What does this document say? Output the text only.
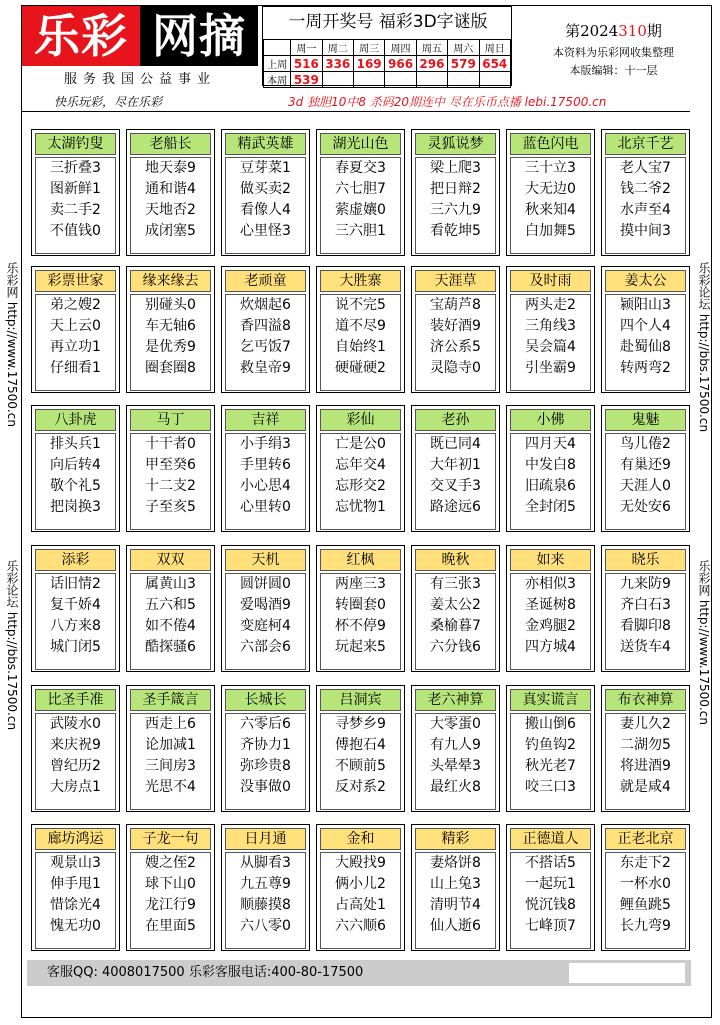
乐彩 网摘
服务我国公益事业
一周开奖号 福彩3D字谜版
	周一	周二	周三	周四	周五	周六	周日
上周	516	336	169	966	296	579	654
本周	539						
第2024310期
本资料为乐彩网收集整理
本版编辑：十一层
快乐玩彩，尽在乐彩	3d 独胆10中8 杀码20期连中 尽在乐币点播 lebi.17500.cn
乐彩网 http://www.17500.cn
乐彩论坛 http://bbs.17500.cn
乐彩论坛 http://bbs.17500.cn
乐彩网 http://www.17500.cn
太湖钓叟
三折叠3
图新鲜1
卖二手2
不值钱0
老船长
地天泰9
通和谐4
天地否2
成闭塞5
精武英雄
豆芽菜1
做买卖2
看像人4
心里怪3
湖光山色
春夏交3
六七胆7
萦虚孃0
三六胆1
灵狐说梦
梁上爬3
把日辩2
三六九9
看乾坤5
蓝色闪电
三十立3
大无边0
秋来知4
白加舞5
北京千艺
老人宝7
钱二爷2
水声至4
摸中间3
彩票世家
弟之嫂2
天上云0
再立功1
仔细看1
缘来缘去
别碰头0
车无轴6
是优秀9
圈套圈8
老顽童
炊烟起6
香四溢8
乞丐饭7
救皇帝9
大胜寨
说不完5
道不尽9
自始终1
硬碰硬2
天涯草
宝葫芦8
装好酒9
济公系5
灵隐寺0
及时雨
两头走2
三角线3
吴会篇4
引坐霸9
姜太公
颍阳山3
四个人4
赴蜀仙8
转两弯2
八卦虎
排头兵1
向后转4
敬个礼5
把岗换3
马丁
十干者0
甲至癸6
十二支2
子至亥5
吉祥
小手绢3
手里转6
小心思4
心里转0
彩仙
亡是公0
忘年交4
忘形交2
忘忧物1
老孙
既已同4
大年初1
交叉手3
路途远6
小佛
四月天4
中发白8
旧疏泉6
全封闭5
鬼魅
鸟儿倦2
有巢还9
天涯人0
无处安6
添彩
话旧情2
复千娇4
八方来8
城门闭5
双双
属黄山3
五六和5
如不倦4
酷探骚6
天机
圆饼圆0
爱喝酒9
变庭柯4
六部会6
红枫
两座三3
转圈套0
杯不停9
玩起来5
晚秋
有三张3
姜太公2
桑榆暮7
六分钱6
如来
亦相似3
圣诞树8
金鸡腿2
四方城4
晓乐
九来防9
齐白石3
看脚印8
送货车4
比圣手准
武陵水0
来庆祝9
曾纪历2
大房点1
圣手箴言
西走上6
论加减1
三间房3
光思不4
长城长
六零后6
齐协力1
弥珍贵8
没事做0
吕洞宾
寻梦乡9
傅抱石4
不顾前5
反对系2
老六神算
大零蛋0
有九人9
头晕晕3
最红火8
真实谎言
搬山倒6
钓鱼钩2
秋光老7
咬三口3
布衣神算
妻儿久2
二湖勿5
将进酒9
就是咸4
廊坊鸿运
观景山3
伸手甩1
惜馀光4
愧无功0
子龙一句
嫂之侄2
球下山0
龙江行9
在里面5
日月通
从脚看3
九五尊9
顺藤摸8
六八零0
金和
大殿找9
俩小儿2
占高处1
六六顺6
精彩
妻烙饼8
山上兔3
清明节4
仙人逝6
正德道人
不搭话5
一起玩1
悦沉钱8
七峰顶7
正老北京
东走下2
一杯水0
鲤鱼跳5
长九弯9
客服QQ: 4008017500 乐彩客服电话:400-80-17500
